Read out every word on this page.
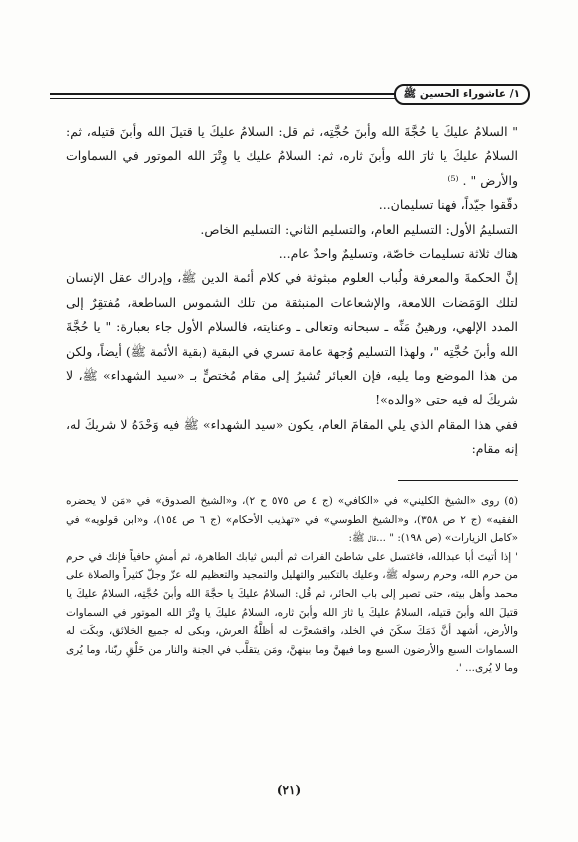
١/ عاشوراء الحسين ﷺ

" السلامُ عليكَ يا حُجَّةَ الله وأبنَ حُجَّتِه، ثم قل: السلامُ عليكَ يا قتيلَ الله وأبنَ قتيله، ثم: السلامُ عليكَ يا ثارَ الله وأبنَ ثاره، ثم: السلامُ عليك يا وِتْرَ الله الموتور في السماوات والأرض " . ⁽⁵⁾

دقّقوا جيّداً، فهنا تسليمان...

التسليمُ الأول: التسليم العام، والتسليم الثاني: التسليم الخاص.

هناك ثلاثة تسليمات خاصّة، وتسليمٌ واحدٌ عام...

إنَّ الحكمةَ والمعرفة ولُباب العلوم مبثوثة في كلام أئمة الدين ﷺ، وإدراك عقل الإنسان لتلك الوَمَضات اللامعة، والإشعاعات المنبثقة من تلك الشموس الساطعة، مُفتقِرٌ إلى المدد الإلهي، ورهينُ مَنِّه ـ سبحانه وتعالى ـ وعنايته، فالسلام الأول جاء بعبارة: " يا حُجَّةَ الله وأبنَ حُجَّتِه "، ولهذا التسليم وُجهة عامة تسري في البقية (بقية الأئمة ﷺ) أيضاً، ولكن من هذا الموضع وما يليه، فإن العبائر تُشيرُ إلى مقام مُختصٍّ بـ «سيد الشهداء» ﷺ، لا شريكَ له فيه حتى «والده»!

ففي هذا المقام الذي يلي المقامَ العام، يكون «سيد الشهداء» ﷺ فيه وَحْدَهُ لا شريكَ له، إنه مقام:

(٥) روى «الشيخ الكليني» في «الكافي» (ج ٤ ص ٥٧٥ ح ٢)، و«الشيخ الصدوق» في «مَن لا يحضره الفقيه» (ج ٢ ص ٣٥٨)، و«الشيخ الطوسي» في «تهذيب الأحكام» (ج ٦ ص ١٥٤)، و«ابن قولويه» في «كامل الزيارات» (ص ١٩٨): " ...قال ﷺ:

' إذا أتيتَ أبا عبدالله، فاغتسل على شاطئ الفرات ثم ألبس ثيابك الطاهرة، ثم أمشِ حافياً فإنك في حرم من حرم الله، وحرم رسوله ﷺ، وعليك بالتكبير والتهليل والتمجيد والتعظيم لله عزّ وجلّ كثيراً والصلاة على محمد وأهل بيته، حتى تصير إلى باب الحائر، ثم قُل: السلامُ عليكَ يا حجَّةَ الله وأبنَ حُجَّتِه، السلامُ عليكَ يا قتيلَ الله وأبنَ قتيله، السلامُ عليكَ يا ثارَ الله وأبنَ ثاره، السلامُ عليكَ يا وِتْرَ الله الموتور في السماوات والأرض، أشهد أنَّ دَمَكَ سكَنَ في الخلد، واقشعرَّت له أظلَّةُ العرش، وبكى له جميع الخلائق، وبكَت له السماوات السبع والأرضون السبع وما فيهنَّ وما بينهنَّ، ومَن يتقلَّب في الجنة والنار من خَلْقِ ربّنا، وما يُرى وما لا يُرى... '.

(٢١)
